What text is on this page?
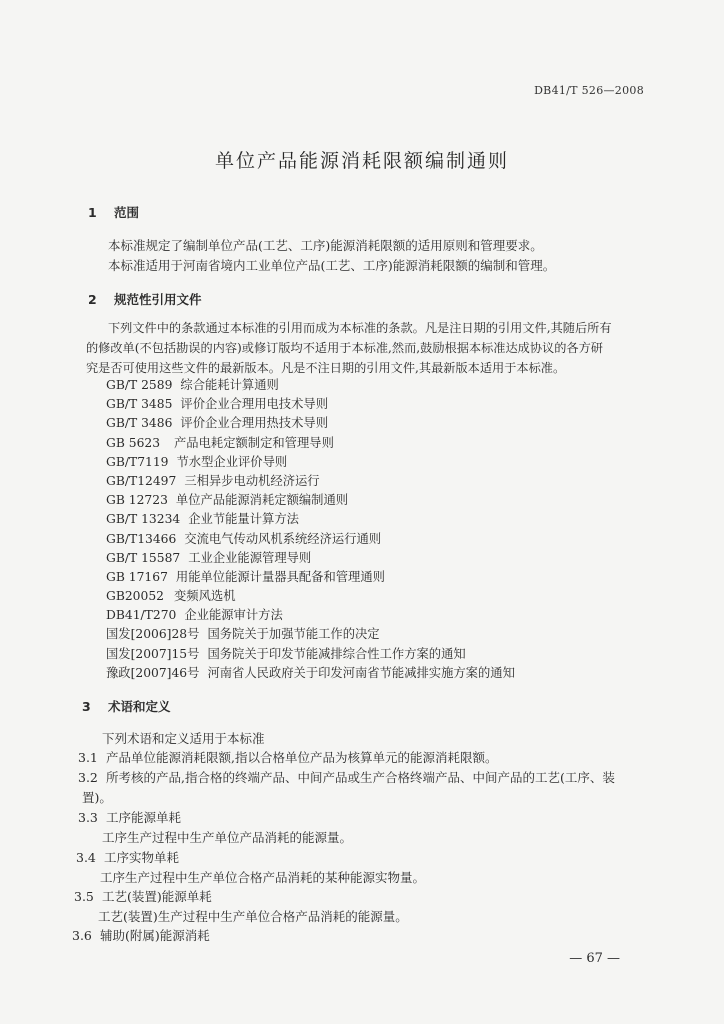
DB41/T 526—2008
单位产品能源消耗限额编制通则
1 范围
本标准规定了编制单位产品(工艺、工序)能源消耗限额的适用原则和管理要求。
本标准适用于河南省境内工业单位产品(工艺、工序)能源消耗限额的编制和管理。
2 规范性引用文件
下列文件中的条款通过本标准的引用而成为本标准的条款。凡是注日期的引用文件,其随后所有
的修改单(不包括勘误的内容)或修订版均不适用于本标准,然而,鼓励根据本标准达成协议的各方研
究是否可使用这些文件的最新版本。凡是不注日期的引用文件,其最新版本适用于本标准。
GB/T 2589 综合能耗计算通则
GB/T 3485 评价企业合理用电技术导则
GB/T 3486 评价企业合理用热技术导则
GB 5623 产品电耗定额制定和管理导则
GB/T7119 节水型企业评价导则
GB/T12497 三相异步电动机经济运行
GB 12723 单位产品能源消耗定额编制通则
GB/T 13234 企业节能量计算方法
GB/T13466 交流电气传动风机系统经济运行通则
GB/T 15587 工业企业能源管理导则
GB 17167 用能单位能源计量器具配备和管理通则
GB20052 变频风选机
DB41/T270 企业能源审计方法
国发[2006]28号 国务院关于加强节能工作的决定
国发[2007]15号 国务院关于印发节能减排综合性工作方案的通知
豫政[2007]46号 河南省人民政府关于印发河南省节能减排实施方案的通知
3 术语和定义
下列术语和定义适用于本标准
3.1 产品单位能源消耗限额,指以合格单位产品为核算单元的能源消耗限额。
3.2 所考核的产品,指合格的终端产品、中间产品或生产合格终端产品、中间产品的工艺(工序、装
置)。
3.3 工序能源单耗
工序生产过程中生产单位产品消耗的能源量。
3.4 工序实物单耗
工序生产过程中生产单位合格产品消耗的某种能源实物量。
3.5 工艺(装置)能源单耗
工艺(装置)生产过程中生产单位合格产品消耗的能源量。
3.6 辅助(附属)能源消耗
— 67 —
